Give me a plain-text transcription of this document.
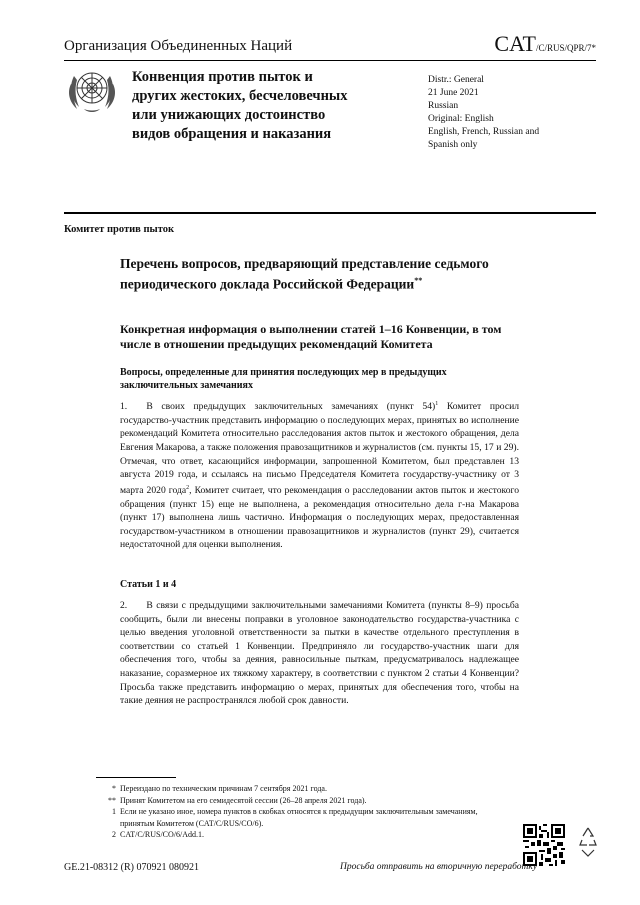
Организация Объединенных Наций	CAT/C/RUS/QPR/7*
Конвенция против пыток и
других жестоких, бесчеловечных
или унижающих достоинство
видов обращения и наказания
Distr.: General
21 June 2021
Russian
Original: English
English, French, Russian and
Spanish only
Комитет против пыток
Перечень вопросов, предваряющий представление седьмого периодического доклада Российской Федерации**
Конкретная информация о выполнении статей 1–16 Конвенции, в том числе в отношении предыдущих рекомендаций Комитета
Вопросы, определенные для принятия последующих мер в предыдущих заключительных замечаниях
1.   В своих предыдущих заключительных замечаниях (пункт 54)$^1$ Комитет просил государство-участник представить информацию о последующих мерах, принятых во исполнение рекомендаций Комитета относительно расследования актов пыток и жестокого обращения, дела Евгения Макарова, а также положения правозащитников и журналистов (см. пункты 15, 17 и 29). Отмечая, что ответ, касающийся информации, запрошенной Комитетом, был представлен 13 августа 2019 года, и ссылаясь на письмо Председателя Комитета государству-участнику от 3 марта 2020 года$^2$, Комитет считает, что рекомендация о расследовании актов пыток и жестокого обращения (пункт 15) еще не выполнена, а рекомендация относительно дела г-на Макарова (пункт 17) выполнена лишь частично. Информация о последующих мерах, предоставленная государством-участником в отношении правозащитников и журналистов (пункт 29), считается недостаточной для оценки выполнения.
Статьи 1 и 4
2.   В связи с предыдущими заключительными замечаниями Комитета (пункты 8–9) просьба сообщить, были ли внесены поправки в уголовное законодательство государства-участника с целью введения уголовной ответственности за пытки в качестве отдельного преступления в соответствии со статьей 1 Конвенции. Предприняло ли государство-участник шаги для обеспечения того, чтобы за деяния, равносильные пыткам, предусматривалось надлежащее наказание, соразмерное их тяжкому характеру, в соответствии с пунктом 2 статьи 4 Конвенции? Просьба также представить информацию о мерах, принятых для обеспечения того, чтобы на такие деяния не распространялся любой срок давности.
* Переиздано по техническим причинам 7 сентября 2021 года.
** Принят Комитетом на его семидесятой сессии (26–28 апреля 2021 года).
1 Если не указано иное, номера пунктов в скобках относятся к предыдущим заключительным замечаниям, принятым Комитетом (CAT/C/RUS/CO/6).
2 CAT/C/RUS/CO/6/Add.1.
GE.21-08312 (R) 070921 080921	Просьба отправить на вторичную переработку
